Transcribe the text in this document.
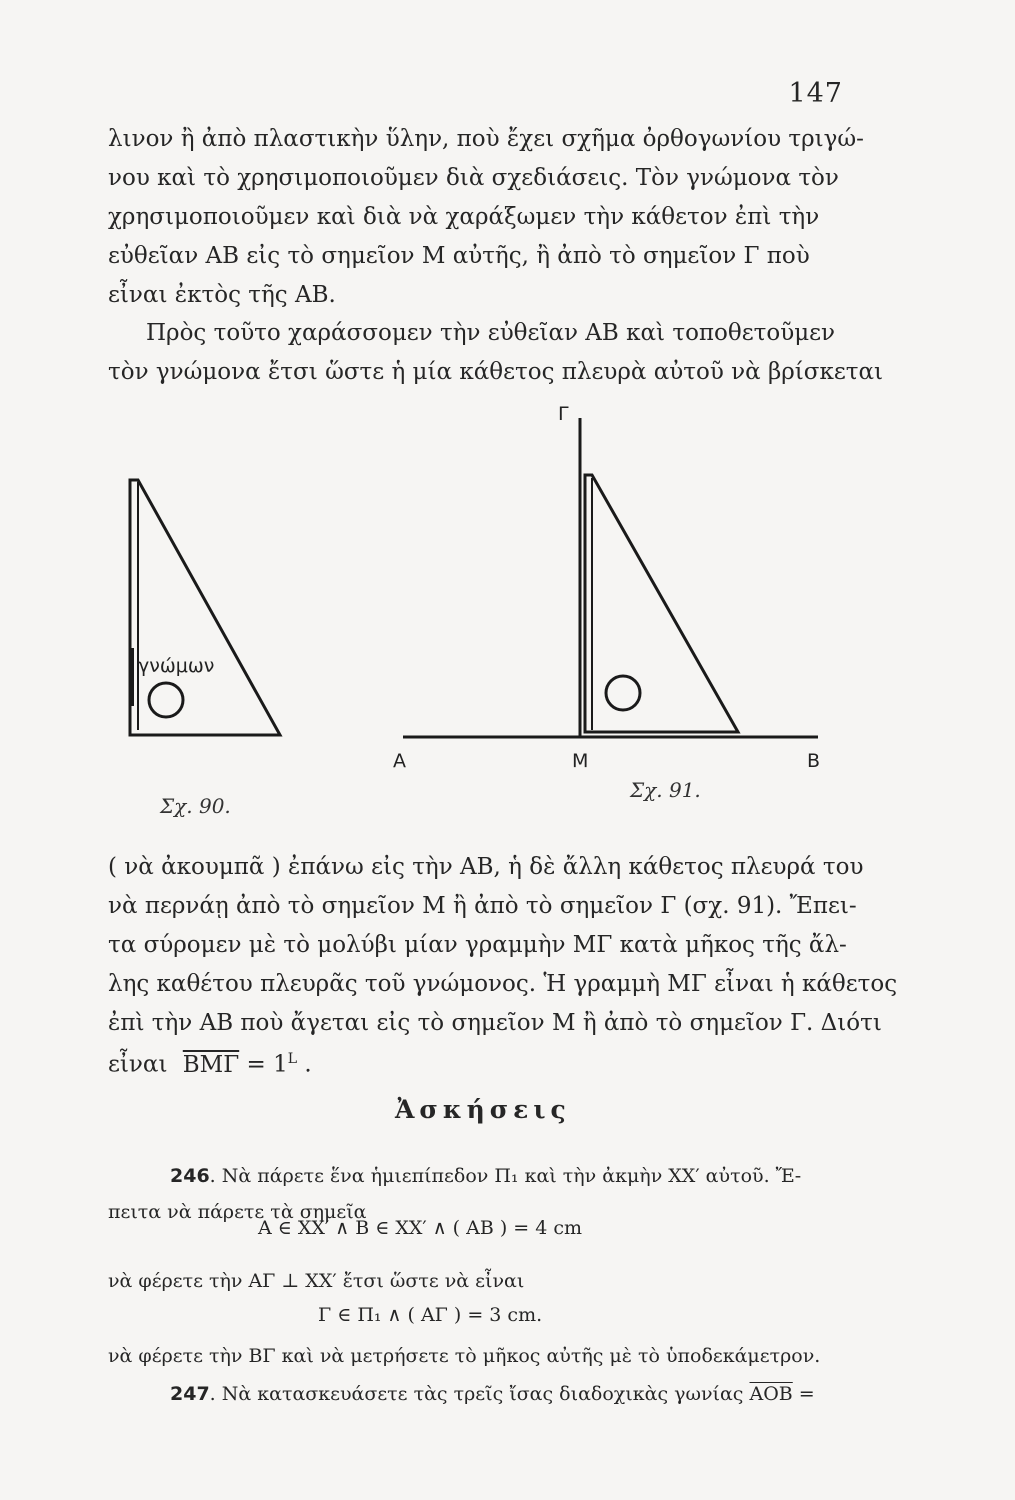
147

λινον ἢ ἀπὸ πλαστικὴν ὕλην, ποὺ ἔχει σχῆμα ὀρθογωνίου τριγώ-
νου καὶ τὸ χρησιμοποιοῦμεν διὰ σχεδιάσεις. Τὸν γνώμονα τὸν
χρησιμοποιοῦμεν καὶ διὰ νὰ χαράξωμεν τὴν κάθετον ἐπὶ τὴν
εὐθεῖαν ΑΒ εἰς τὸ σημεῖον Μ αὐτῆς, ἢ ἀπὸ τὸ σημεῖον Γ ποὺ
εἶναι ἐκτὸς τῆς ΑΒ.

Πρὸς τοῦτο χαράσσομεν τὴν εὐθεῖαν ΑΒ καὶ τοποθετοῦμεν
τὸν γνώμονα ἔτσι ὥστε ἡ μία κάθετος πλευρὰ αὐτοῦ νὰ βρίσκεται

γνώμων
Σχ. 90.
Γ
Α	Μ	Β
Σχ. 91.

( νὰ ἀκουμπᾶ ) ἐπάνω εἰς τὴν ΑΒ, ἡ δὲ ἄλλη κάθετος πλευρά του
νὰ περνάῃ ἀπὸ τὸ σημεῖον Μ ἢ ἀπὸ τὸ σημεῖον Γ (σχ. 91). Ἔπει-
τα σύρομεν μὲ τὸ μολύβι μίαν γραμμὴν ΜΓ κατὰ μῆκος τῆς ἄλ-
λης καθέτου πλευρᾶς τοῦ γνώμονος. Ἡ γραμμὴ ΜΓ εἶναι ἡ κάθετος
ἐπὶ τὴν ΑΒ ποὺ ἄγεται εἰς τὸ σημεῖον Μ ἢ ἀπὸ τὸ σημεῖον Γ. Διότι

εἶναι $\overline{BM\Gamma} = 1^L$ .

Ἀσκήσεις

246. Νὰ πάρετε ἕνα ἡμιεπίπεδον Π₁ καὶ τὴν ἀκμὴν ΧΧ′ αὐτοῦ. Ἔ-
πειτα νὰ πάρετε τὰ σημεῖα

Α ∈ ΧΧ′ ∧ Β ∈ ΧΧ′ ∧ ( ΑΒ ) = 4 cm

νὰ φέρετε τὴν ΑΓ ⊥ ΧΧ′ ἔτσι ὥστε νὰ εἶναι

Γ ∈ Π₁ ∧ ( ΑΓ ) = 3 cm.

νὰ φέρετε τὴν ΒΓ καὶ νὰ μετρήσετε τὸ μῆκος αὐτῆς μὲ τὸ ὑποδεκάμετρον.

247. Νὰ κατασκευάσετε τὰς τρεῖς ἴσας διαδοχικὰς γωνίας $\overline{AOB}$ =
